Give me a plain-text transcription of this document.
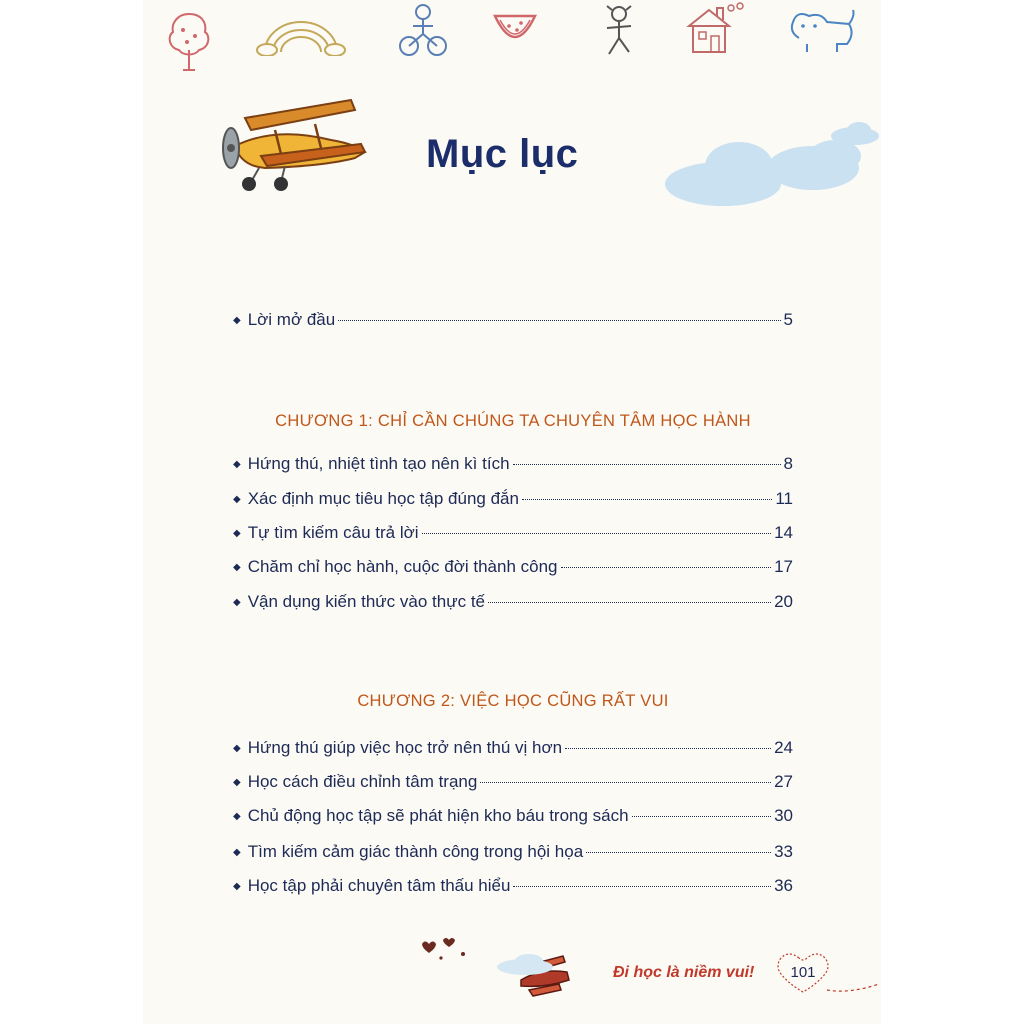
Mục lục
◆ Lời mở đầu	5
CHƯƠNG 1: CHỈ CẦN CHÚNG TA CHUYÊN TÂM HỌC HÀNH
◆ Hứng thú, nhiệt tình tạo nên kì tích	8
◆ Xác định mục tiêu học tập đúng đắn	11
◆ Tự tìm kiếm câu trả lời	14
◆ Chăm chỉ học hành, cuộc đời thành công	17
◆ Vận dụng kiến thức vào thực tế	20
CHƯƠNG 2: VIỆC HỌC CŨNG RẤT VUI
◆ Hứng thú giúp việc học trở nên thú vị hơn	24
◆ Học cách điều chỉnh tâm trạng	27
◆ Chủ động học tập sẽ phát hiện kho báu trong sách	30
◆ Tìm kiếm cảm giác thành công trong hội họa	33
◆ Học tập phải chuyên tâm thấu hiểu	36
Đi học là niềm vui!	101
